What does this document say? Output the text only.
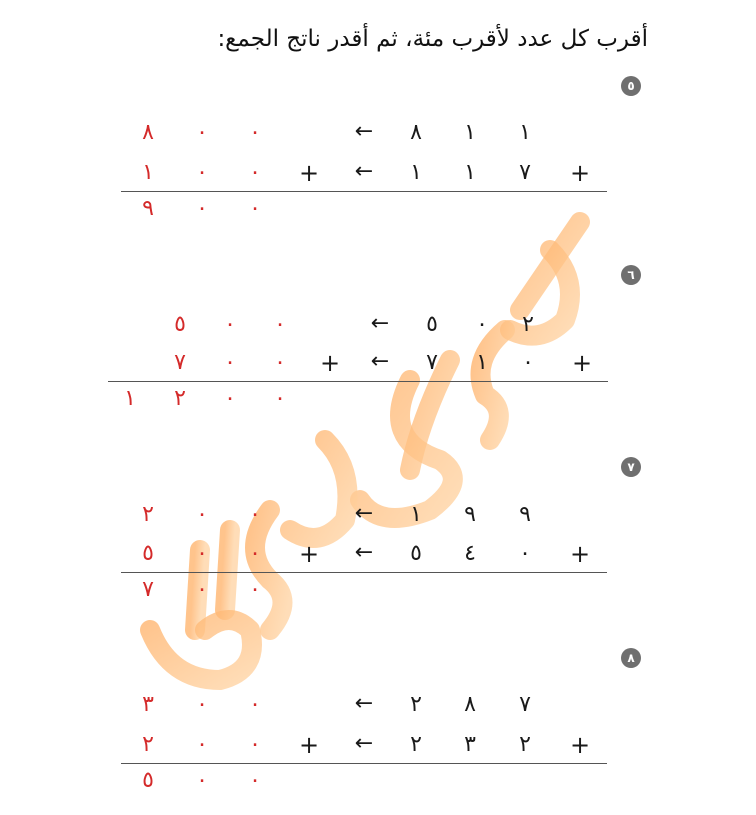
أقرب كل عدد لأقرب مئة، ثم أقدر ناتج الجمع:
٥
١
١
٨
←
٠
٠
٨
+
٧
١
١
←
+
٠
٠
١
٠
٠
٩
٦
٢
٠
٥
←
٠
٠
٥
+
٠
١
٧
←
+
٠
٠
٧
٠
٠
٢
١
٧
٩
٩
١
←
٠
٠
٢
+
٠
٤
٥
←
+
٠
٠
٥
٠
٠
٧
٨
٧
٨
٢
←
٠
٠
٣
+
٢
٣
٢
←
+
٠
٠
٢
٠
٠
٥
